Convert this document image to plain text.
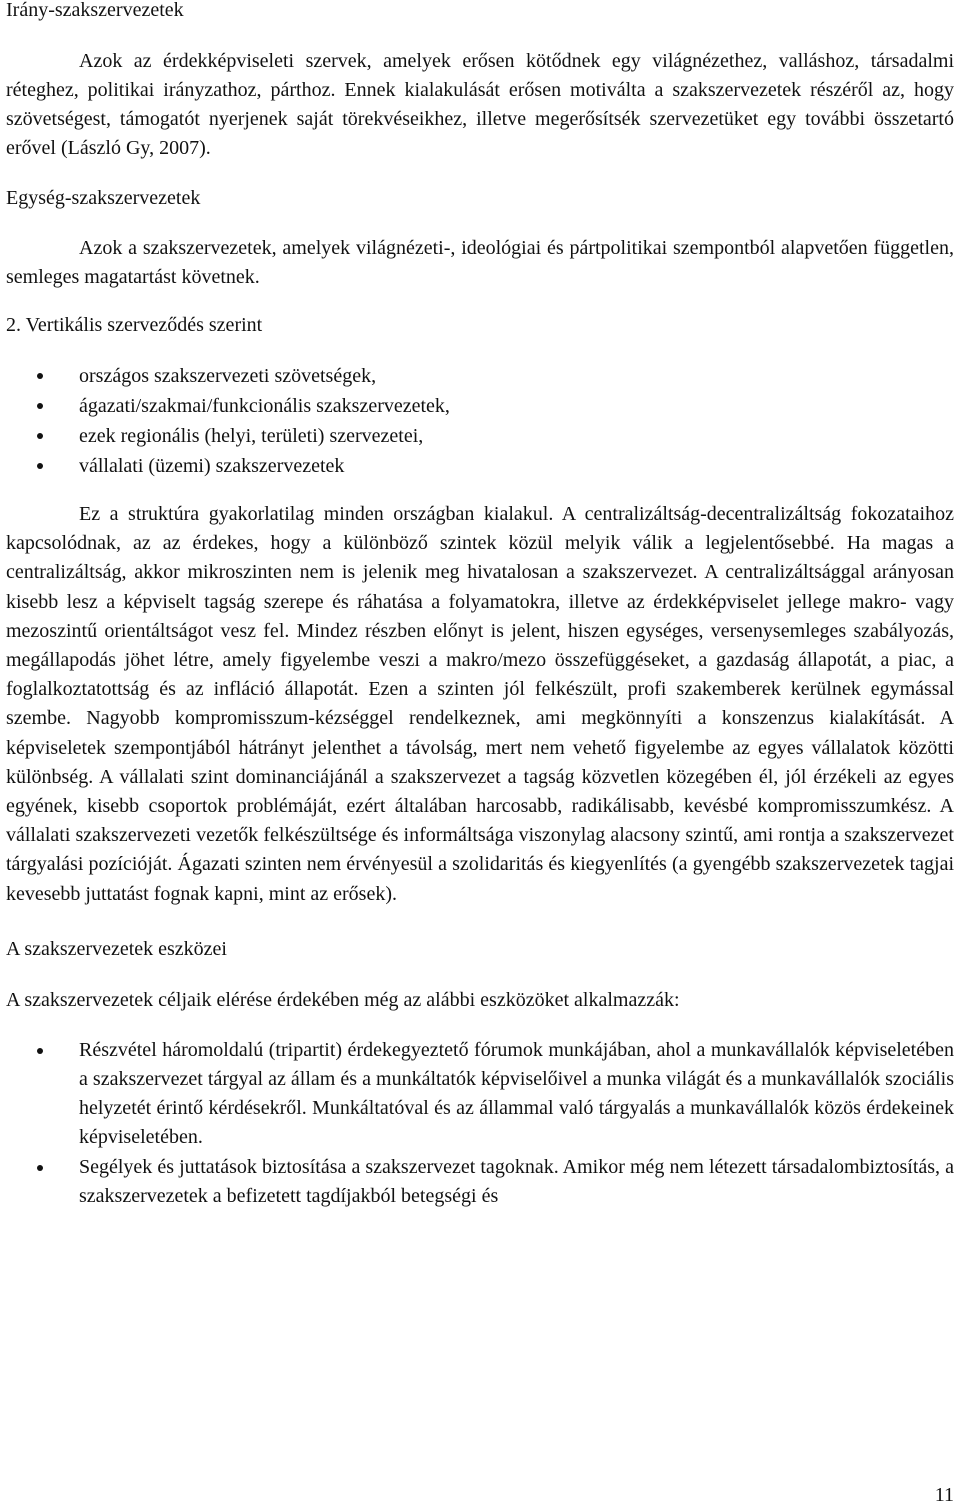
Irány-szakszervezetek

Azok az érdekképviseleti szervek, amelyek erősen kötődnek egy világnézethez, valláshoz, társadalmi réteghez, politikai irányzathoz, párthoz. Ennek kialakulását erősen motiválta a szakszervezetek részéről az, hogy szövetségest, támogatót nyerjenek saját törekvéseikhez, illetve megerősítsék szervezetüket egy további összetartó erővel (László Gy, 2007).

Egység-szakszervezetek

Azok a szakszervezetek, amelyek világnézeti-, ideológiai és pártpolitikai szempontból alapvetően független, semleges magatartást követnek.

2. Vertikális szerveződés szerint
országos szakszervezeti szövetségek,
ágazati/szakmai/funkcionális szakszervezetek,
ezek regionális (helyi, területi) szervezetei,
vállalati (üzemi) szakszervezetek

Ez a struktúra gyakorlatilag minden országban kialakul. A centralizáltság-decentralizáltság fokozataihoz kapcsolódnak, az az érdekes, hogy a különböző szintek közül melyik válik a legjelentősebbé. Ha magas a centralizáltság, akkor mikroszinten nem is jelenik meg hivatalosan a szakszervezet. A centralizáltsággal arányosan kisebb lesz a képviselt tagság szerepe és ráhatása a folyamatokra, illetve az érdekképviselet jellege makro- vagy mezoszintű orientáltságot vesz fel. Mindez részben előnyt is jelent, hiszen egységes, versenysemleges szabályozás, megállapodás jöhet létre, amely figyelembe veszi a makro/mezo összefüggéseket, a gazdaság állapotát, a piac, a foglalkoztatottság és az infláció állapotát. Ezen a szinten jól felkészült, profi szakemberek kerülnek egymással szembe. Nagyobb kompromisszum-kézséggel rendelkeznek, ami megkönnyíti a konszenzus kialakítását. A képviseletek szempontjából hátrányt jelenthet a távolság, mert nem vehető figyelembe az egyes vállalatok közötti különbség. A vállalati szint dominanciájánál a szakszervezet a tagság közvetlen közegében él, jól érzékeli az egyes egyének, kisebb csoportok problémáját, ezért általában harcosabb, radikálisabb, kevésbé kompromisszumkész. A vállalati szakszervezeti vezetők felkészültsége és informáltsága viszonylag alacsony szintű, ami rontja a szakszervezet tárgyalási pozícióját. Ágazati szinten nem érvényesül a szolidaritás és kiegyenlítés (a gyengébb szakszervezetek tagjai kevesebb juttatást fognak kapni, mint az erősek).

A szakszervezetek eszközei

A szakszervezetek céljaik elérése érdekében még az alábbi eszközöket alkalmazzák:

Részvétel háromoldalú (tripartit) érdekegyeztető fórumok munkájában, ahol a munkavállalók képviseletében a szakszervezet tárgyal az állam és a munkáltatók képviselőivel a munka világát és a munkavállalók szociális helyzetét érintő kérdésekről. Munkáltatóval és az állammal való tárgyalás a munkavállalók közös érdekeinek képviseletében.
Segélyek és juttatások biztosítása a szakszervezet tagoknak. Amikor még nem létezett társadalombiztosítás, a szakszervezetek a befizetett tagdíjakból betegségi és
11
